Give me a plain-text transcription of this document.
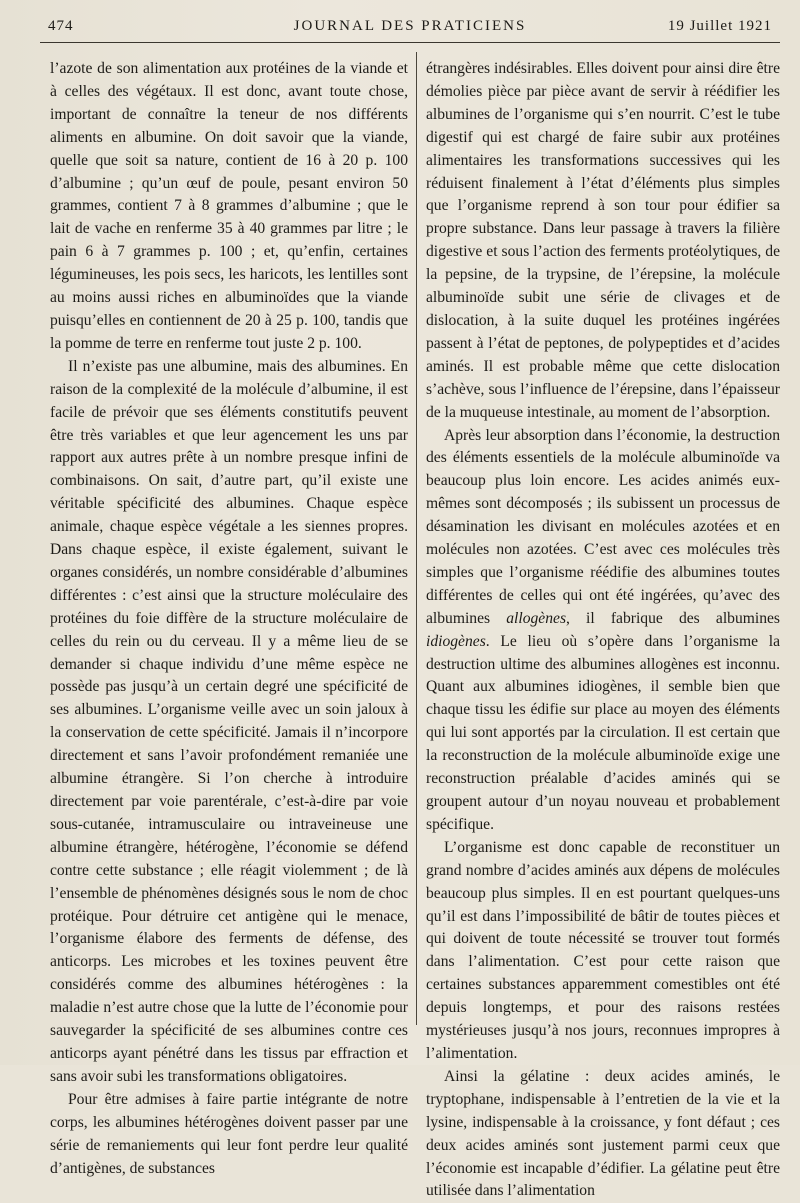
474	JOURNAL DES PRATICIENS	19 Juillet 1921

l’azote de son alimentation aux protéines de la viande et à celles des végétaux. Il est donc, avant toute chose, important de connaître la teneur de nos différents aliments en albumine. On doit savoir que la viande, quelle que soit sa nature, contient de 16 à 20 p. 100 d’albumine ; qu’un œuf de poule, pesant environ 50 grammes, contient 7 à 8 grammes d’albumine ; que le lait de vache en renferme 35 à 40 grammes par litre ; le pain 6 à 7 grammes p. 100 ; et, qu’enfin, certaines légumineuses, les pois secs, les haricots, les lentilles sont au moins aussi riches en albuminoïdes que la viande puisqu’elles en contiennent de 20 à 25 p. 100, tandis que la pomme de terre en renferme tout juste 2 p. 100.

Il n’existe pas une albumine, mais des albumines. En raison de la complexité de la molécule d’albumine, il est facile de prévoir que ses éléments constitutifs peuvent être très variables et que leur agencement les uns par rapport aux autres prête à un nombre presque infini de combinaisons. On sait, d’autre part, qu’il existe une véritable spécificité des albumines. Chaque espèce animale, chaque espèce végétale a les siennes propres. Dans chaque espèce, il existe également, suivant le organes considérés, un nombre considérable d’albumines différentes : c’est ainsi que la structure moléculaire des protéines du foie diffère de la structure moléculaire de celles du rein ou du cerveau. Il y a même lieu de se demander si chaque individu d’une même espèce ne possède pas jusqu’à un certain degré une spécificité de ses albumines. L’organisme veille avec un soin jaloux à la conservation de cette spécificité. Jamais il n’incorpore directement et sans l’avoir profondément remaniée une albumine étrangère. Si l’on cherche à introduire directement par voie parentérale, c’est-à-dire par voie sous-cutanée, intramusculaire ou intraveineuse une albumine étrangère, hétérogène, l’économie se défend contre cette substance ; elle réagit violemment ; de là l’ensemble de phénomènes désignés sous le nom de choc protéique. Pour détruire cet antigène qui le menace, l’organisme élabore des ferments de défense, des anticorps. Les microbes et les toxines peuvent être considérés comme des albumines hétérogènes : la maladie n’est autre chose que la lutte de l’économie pour sauvegarder la spécificité de ses albumines contre ces anticorps ayant pénétré dans les tissus par effraction et sans avoir subi les transformations obligatoires.

Pour être admises à faire partie intégrante de notre corps, les albumines hétérogènes doivent passer par une série de remaniements qui leur font perdre leur qualité d’antigènes, de substances

étrangères indésirables. Elles doivent pour ainsi dire être démolies pièce par pièce avant de servir à réédifier les albumines de l’organisme qui s’en nourrit. C’est le tube digestif qui est chargé de faire subir aux protéines alimentaires les transformations successives qui les réduisent finalement à l’état d’éléments plus simples que l’organisme reprend à son tour pour édifier sa propre substance. Dans leur passage à travers la filière digestive et sous l’action des ferments protéolytiques, de la pepsine, de la trypsine, de l’érepsine, la molécule albuminoïde subit une série de clivages et de dislocation, à la suite duquel les protéines ingérées passent à l’état de peptones, de polypeptides et d’acides aminés. Il est probable même que cette dislocation s’achève, sous l’influence de l’érepsine, dans l’épaisseur de la muqueuse intestinale, au moment de l’absorption.

Après leur absorption dans l’économie, la destruction des éléments essentiels de la molécule albuminoïde va beaucoup plus loin encore. Les acides animés eux-mêmes sont décomposés ; ils subissent un processus de désamination les divisant en molécules azotées et en molécules non azotées. C’est avec ces molécules très simples que l’organisme réédifie des albumines toutes différentes de celles qui ont été ingérées, qu’avec des albumines allogènes, il fabrique des albumines idiogènes. Le lieu où s’opère dans l’organisme la destruction ultime des albumines allogènes est inconnu. Quant aux albumines idiogènes, il semble bien que chaque tissu les édifie sur place au moyen des éléments qui lui sont apportés par la circulation. Il est certain que la reconstruction de la molécule albuminoïde exige une reconstruction préalable d’acides aminés qui se groupent autour d’un noyau nouveau et probablement spécifique.

L’organisme est donc capable de reconstituer un grand nombre d’acides aminés aux dépens de molécules beaucoup plus simples. Il en est pourtant quelques-uns qu’il est dans l’impossibilité de bâtir de toutes pièces et qui doivent de toute nécessité se trouver tout formés dans l’alimentation. C’est pour cette raison que certaines substances apparemment comestibles ont été depuis longtemps, et pour des raisons restées mystérieuses jusqu’à nos jours, reconnues impropres à l’alimentation.

Ainsi la gélatine : deux acides aminés, le tryptophane, indispensable à l’entretien de la vie et la lysine, indispensable à la croissance, y font défaut ; ces deux acides aminés sont justement parmi ceux que l’économie est incapable d’édifier. La gélatine peut être utilisée dans l’alimentation
